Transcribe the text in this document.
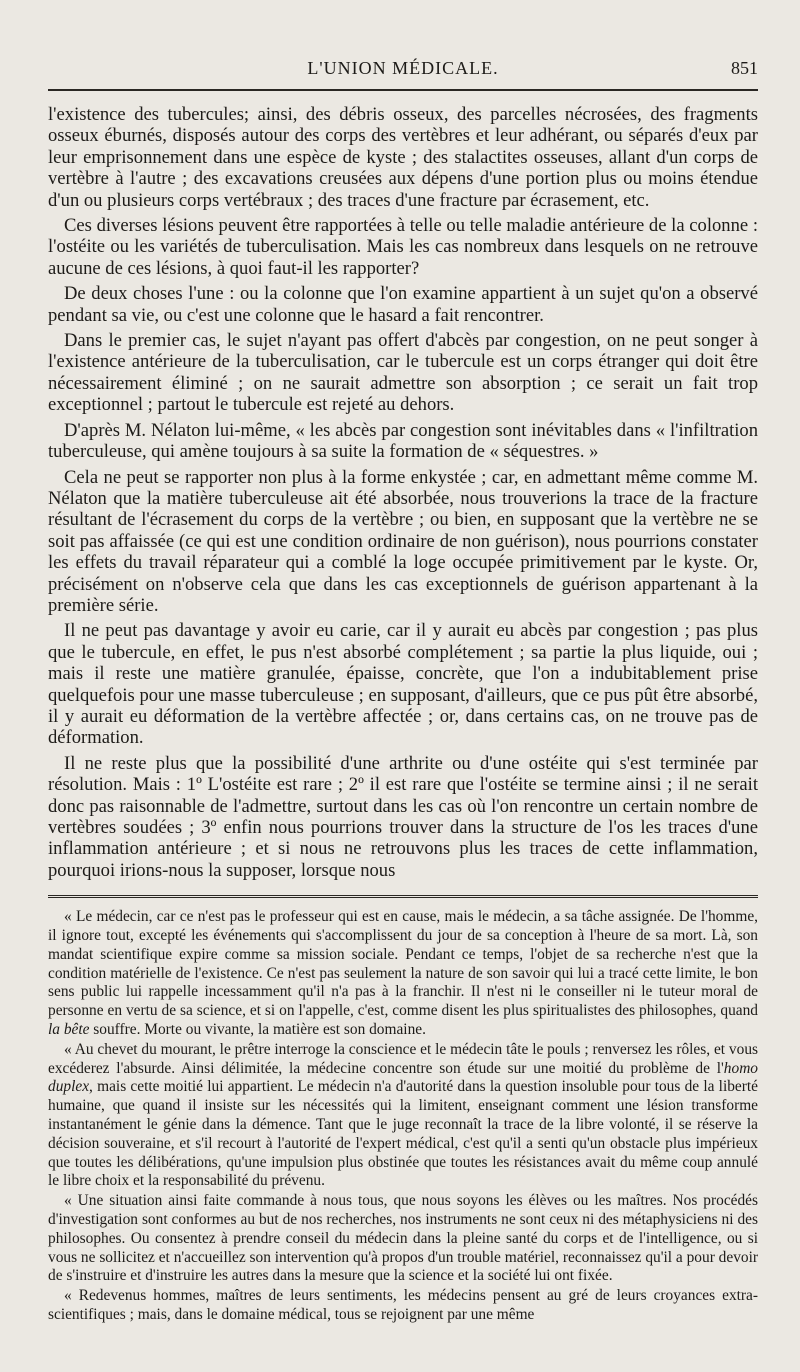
L'UNION MÉDICALE.	851

l'existence des tubercules; ainsi, des débris osseux, des parcelles nécrosées, des fragments osseux éburnés, disposés autour des corps des vertèbres et leur adhérant, ou séparés d'eux par leur emprisonnement dans une espèce de kyste ; des stalactites osseuses, allant d'un corps de vertèbre à l'autre ; des excavations creusées aux dépens d'une portion plus ou moins étendue d'un ou plusieurs corps vertébraux ; des traces d'une fracture par écrasement, etc.

Ces diverses lésions peuvent être rapportées à telle ou telle maladie antérieure de la colonne : l'ostéite ou les variétés de tuberculisation. Mais les cas nombreux dans lesquels on ne retrouve aucune de ces lésions, à quoi faut-il les rapporter?

De deux choses l'une : ou la colonne que l'on examine appartient à un sujet qu'on a observé pendant sa vie, ou c'est une colonne que le hasard a fait rencontrer.

Dans le premier cas, le sujet n'ayant pas offert d'abcès par congestion, on ne peut songer à l'existence antérieure de la tuberculisation, car le tubercule est un corps étranger qui doit être nécessairement éliminé ; on ne saurait admettre son absorption ; ce serait un fait trop exceptionnel ; partout le tubercule est rejeté au dehors.

D'après M. Nélaton lui-même, « les abcès par congestion sont inévitables dans « l'infiltration tuberculeuse, qui amène toujours à sa suite la formation de « séquestres. »

Cela ne peut se rapporter non plus à la forme enkystée ; car, en admettant même comme M. Nélaton que la matière tuberculeuse ait été absorbée, nous trouverions la trace de la fracture résultant de l'écrasement du corps de la vertèbre ; ou bien, en supposant que la vertèbre ne se soit pas affaissée (ce qui est une condition ordinaire de non guérison), nous pourrions constater les effets du travail réparateur qui a comblé la loge occupée primitivement par le kyste. Or, précisément on n'observe cela que dans les cas exceptionnels de guérison appartenant à la première série.

Il ne peut pas davantage y avoir eu carie, car il y aurait eu abcès par congestion ; pas plus que le tubercule, en effet, le pus n'est absorbé complétement ; sa partie la plus liquide, oui ; mais il reste une matière granulée, épaisse, concrète, que l'on a indubitablement prise quelquefois pour une masse tuberculeuse ; en supposant, d'ailleurs, que ce pus pût être absorbé, il y aurait eu déformation de la vertèbre affectée ; or, dans certains cas, on ne trouve pas de déformation.

Il ne reste plus que la possibilité d'une arthrite ou d'une ostéite qui s'est terminée par résolution. Mais : 1º L'ostéite est rare ; 2º il est rare que l'ostéite se termine ainsi ; il ne serait donc pas raisonnable de l'admettre, surtout dans les cas où l'on rencontre un certain nombre de vertèbres soudées ; 3º enfin nous pourrions trouver dans la structure de l'os les traces d'une inflammation antérieure ; et si nous ne retrouvons plus les traces de cette inflammation, pourquoi irions-nous la supposer, lorsque nous

« Le médecin, car ce n'est pas le professeur qui est en cause, mais le médecin, a sa tâche assignée. De l'homme, il ignore tout, excepté les événements qui s'accomplissent du jour de sa conception à l'heure de sa mort. Là, son mandat scientifique expire comme sa mission sociale. Pendant ce temps, l'objet de sa recherche n'est que la condition matérielle de l'existence. Ce n'est pas seulement la nature de son savoir qui lui a tracé cette limite, le bon sens public lui rappelle incessamment qu'il n'a pas à la franchir. Il n'est ni le conseiller ni le tuteur moral de personne en vertu de sa science, et si on l'appelle, c'est, comme disent les plus spiritualistes des philosophes, quand la bête souffre. Morte ou vivante, la matière est son domaine.

« Au chevet du mourant, le prêtre interroge la conscience et le médecin tâte le pouls ; renversez les rôles, et vous excéderez l'absurde. Ainsi délimitée, la médecine concentre son étude sur une moitié du problème de l'homo duplex, mais cette moitié lui appartient. Le médecin n'a d'autorité dans la question insoluble pour tous de la liberté humaine, que quand il insiste sur les nécessités qui la limitent, enseignant comment une lésion transforme instantanément le génie dans la démence. Tant que le juge reconnaît la trace de la libre volonté, il se réserve la décision souveraine, et s'il recourt à l'autorité de l'expert médical, c'est qu'il a senti qu'un obstacle plus impérieux que toutes les délibérations, qu'une impulsion plus obstinée que toutes les résistances avait du même coup annulé le libre choix et la responsabilité du prévenu.

« Une situation ainsi faite commande à nous tous, que nous soyons les élèves ou les maîtres. Nos procédés d'investigation sont conformes au but de nos recherches, nos instruments ne sont ceux ni des métaphysiciens ni des philosophes. Ou consentez à prendre conseil du médecin dans la pleine santé du corps et de l'intelligence, ou si vous ne sollicitez et n'accueillez son intervention qu'à propos d'un trouble matériel, reconnaissez qu'il a pour devoir de s'instruire et d'instruire les autres dans la mesure que la science et la société lui ont fixée.

« Redevenus hommes, maîtres de leurs sentiments, les médecins pensent au gré de leurs croyances extra-scientifiques ; mais, dans le domaine médical, tous se rejoignent par une même
